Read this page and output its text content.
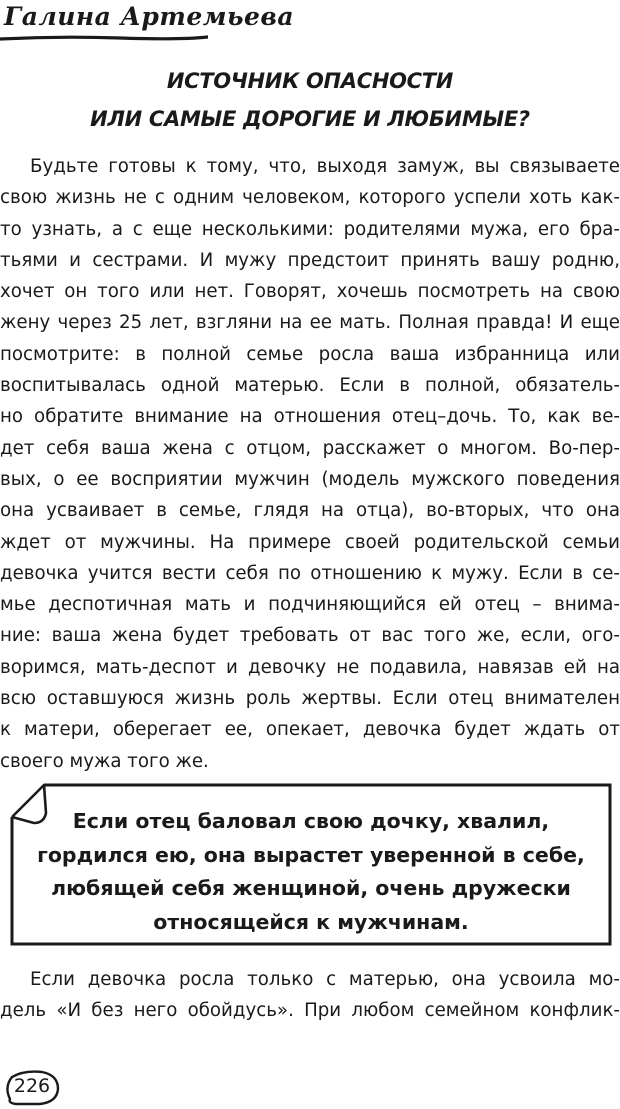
Галина Артемьева
ИСТОЧНИК ОПАСНОСТИ
ИЛИ САМЫЕ ДОРОГИЕ И ЛЮБИМЫЕ?
Будьте готовы к тому, что, выходя замуж, вы связываете
свою жизнь не с одним человеком, которого успели хоть как-
то узнать, а с еще несколькими: родителями мужа, его бра-
тьями и сестрами. И мужу предстоит принять вашу родню,
хочет он того или нет. Говорят, хочешь посмотреть на свою
жену через 25 лет, взгляни на ее мать. Полная правда! И еще
посмотрите: в полной семье росла ваша избранница или
воспитывалась одной матерью. Если в полной, обязатель-
но обратите внимание на отношения отец–дочь. То, как ве-
дет себя ваша жена с отцом, расскажет о многом. Во-пер-
вых, о ее восприятии мужчин (модель мужского поведения
она усваивает в семье, глядя на отца), во-вторых, что она
ждет от мужчины. На примере своей родительской семьи
девочка учится вести себя по отношению к мужу. Если в се-
мье деспотичная мать и подчиняющийся ей отец – внима-
ние: ваша жена будет требовать от вас того же, если, ого-
воримся, мать-деспот и девочку не подавила, навязав ей на
всю оставшуюся жизнь роль жертвы. Если отец внимателен
к матери, оберегает ее, опекает, девочка будет ждать от
своего мужа того же.
Если отец баловал свою дочку, хвалил,
гордился ею, она вырастет уверенной в себе,
любящей себя женщиной, очень дружески
относящейся к мужчинам.
Если девочка росла только с матерью, она усвоила мо-
дель «И без него обойдусь». При любом семейном конфлик-
226
